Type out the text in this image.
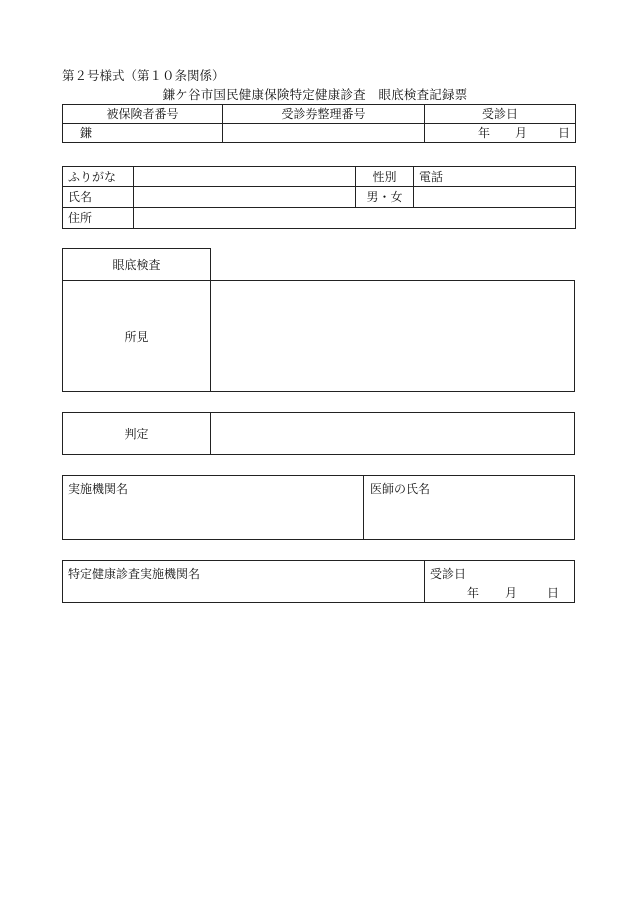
第２号様式（第１０条関係）
鎌ケ谷市国民健康保険特定健康診査　眼底検査記録票
被保険者番号	受診券整理番号	受診日
鎌		年 月 日
ふりがな		性別	電話
氏名		男・女	
住所			
眼底検査
所見
判定
実施機関名	医師の氏名
特定健康診査実施機関名	受診日
年 月 日
